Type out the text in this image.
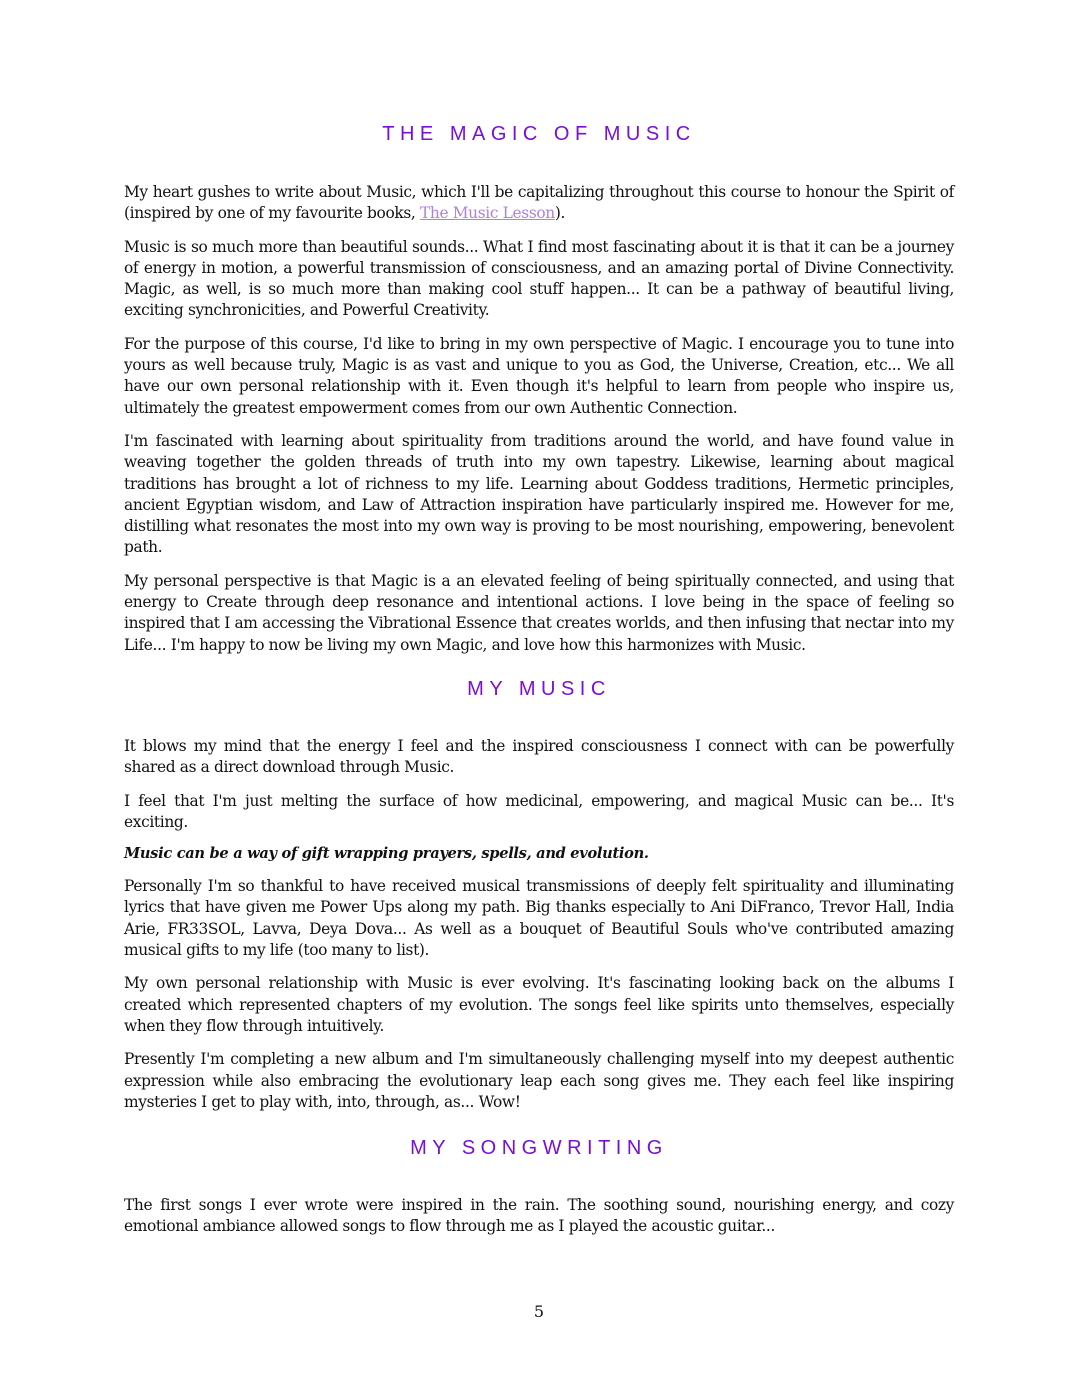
THE MAGIC OF MUSIC

My heart gushes to write about Music, which I'll be capitalizing throughout this course to honour the Spirit of (inspired by one of my favourite books, The Music Lesson).

Music is so much more than beautiful sounds... What I find most fascinating about it is that it can be a journey of energy in motion, a powerful transmission of consciousness, and an amazing portal of Divine Connectivity. Magic, as well, is so much more than making cool stuff happen... It can be a pathway of beautiful living, exciting synchronicities, and Powerful Creativity.

For the purpose of this course, I'd like to bring in my own perspective of Magic. I encourage you to tune into yours as well because truly, Magic is as vast and unique to you as God, the Universe, Creation, etc... We all have our own personal relationship with it. Even though it's helpful to learn from people who inspire us, ultimately the greatest empowerment comes from our own Authentic Connection.

I'm fascinated with learning about spirituality from traditions around the world, and have found value in weaving together the golden threads of truth into my own tapestry. Likewise, learning about magical traditions has brought a lot of richness to my life. Learning about Goddess traditions, Hermetic principles, ancient Egyptian wisdom, and Law of Attraction inspiration have particularly inspired me. However for me, distilling what resonates the most into my own way is proving to be most nourishing, empowering, benevolent path.

My personal perspective is that Magic is a an elevated feeling of being spiritually connected, and using that energy to Create through deep resonance and intentional actions. I love being in the space of feeling so inspired that I am accessing the Vibrational Essence that creates worlds, and then infusing that nectar into my Life... I'm happy to now be living my own Magic, and love how this harmonizes with Music.

MY MUSIC

It blows my mind that the energy I feel and the inspired consciousness I connect with can be powerfully shared as a direct download through Music.

I feel that I'm just melting the surface of how medicinal, empowering, and magical Music can be... It's exciting.

Music can be a way of gift wrapping prayers, spells, and evolution.

Personally I'm so thankful to have received musical transmissions of deeply felt spirituality and illuminating lyrics that have given me Power Ups along my path. Big thanks especially to Ani DiFranco, Trevor Hall, India Arie, FR33SOL, Lavva, Deya Dova... As well as a bouquet of Beautiful Souls who've contributed amazing musical gifts to my life (too many to list).

My own personal relationship with Music is ever evolving. It's fascinating looking back on the albums I created which represented chapters of my evolution. The songs feel like spirits unto themselves, especially when they flow through intuitively.

Presently I'm completing a new album and I'm simultaneously challenging myself into my deepest authentic expression while also embracing the evolutionary leap each song gives me. They each feel like inspiring mysteries I get to play with, into, through, as... Wow!

MY SONGWRITING

The first songs I ever wrote were inspired in the rain. The soothing sound, nourishing energy, and cozy emotional ambiance allowed songs to flow through me as I played the acoustic guitar...

5
